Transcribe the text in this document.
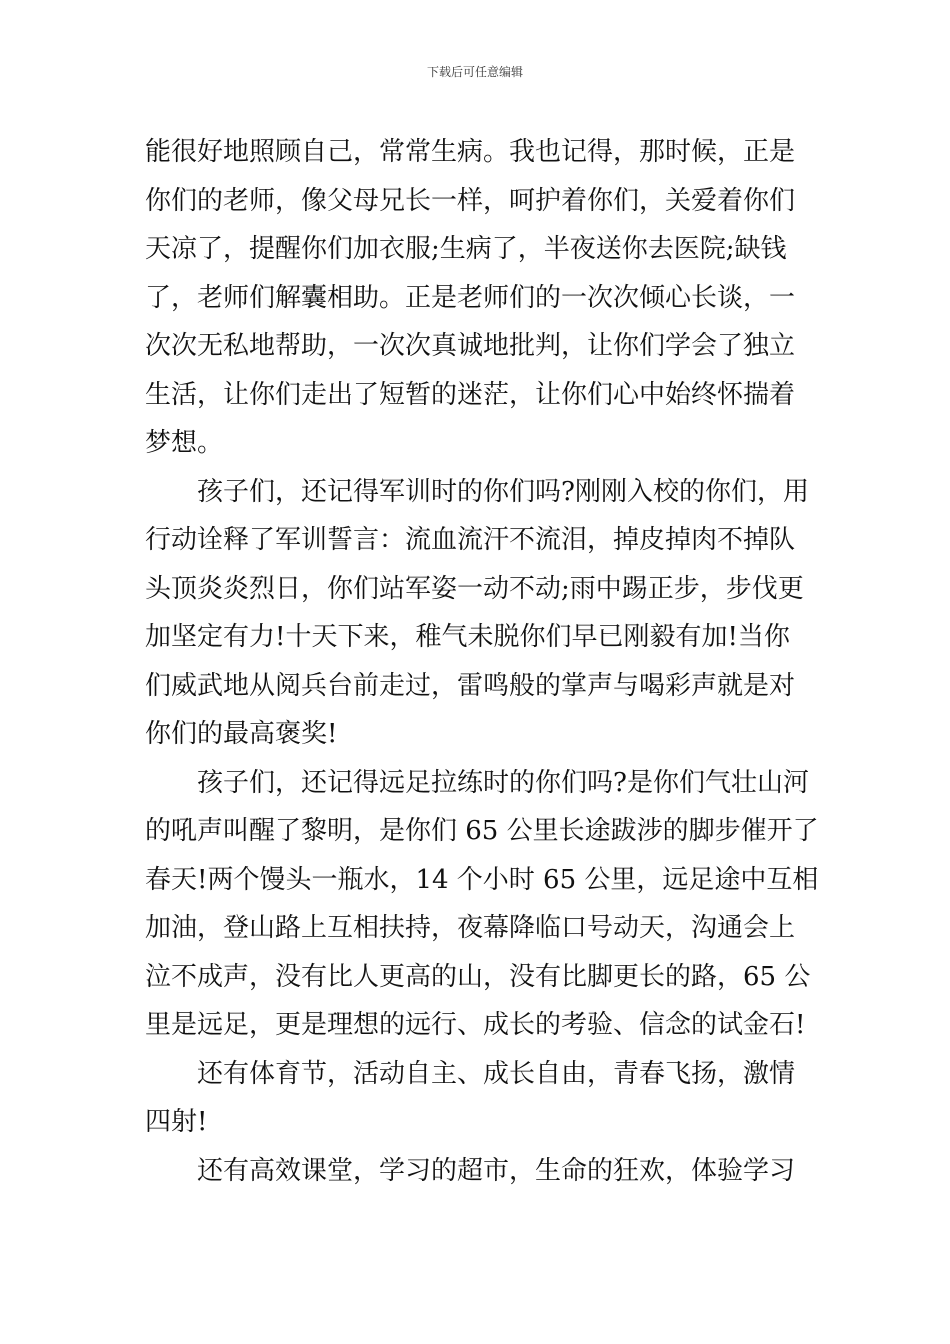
下载后可任意编辑
能很好地照顾自己，常常生病。我也记得，那时候，正是
你们的老师，像父母兄长一样，呵护着你们，关爱着你们
天凉了，提醒你们加衣服;生病了，半夜送你去医院;缺钱
了，老师们解囊相助。正是老师们的一次次倾心长谈，一
次次无私地帮助，一次次真诚地批判，让你们学会了独立
生活，让你们走出了短暂的迷茫，让你们心中始终怀揣着
梦想。
　　孩子们，还记得军训时的你们吗?刚刚入校的你们，用
行动诠释了军训誓言：流血流汗不流泪，掉皮掉肉不掉队
头顶炎炎烈日，你们站军姿一动不动;雨中踢正步，步伐更
加坚定有力!十天下来，稚气未脱你们早已刚毅有加!当你
们威武地从阅兵台前走过，雷鸣般的掌声与喝彩声就是对
你们的最高褒奖!
　　孩子们，还记得远足拉练时的你们吗?是你们气壮山河
的吼声叫醒了黎明，是你们 65 公里长途跋涉的脚步催开了
春天!两个馒头一瓶水，14 个小时 65 公里，远足途中互相
加油，登山路上互相扶持，夜幕降临口号动天，沟通会上
泣不成声，没有比人更高的山，没有比脚更长的路，65 公
里是远足，更是理想的远行、成长的考验、信念的试金石!
　　还有体育节，活动自主、成长自由，青春飞扬，激情
四射!
　　还有高效课堂，学习的超市，生命的狂欢，体验学习
